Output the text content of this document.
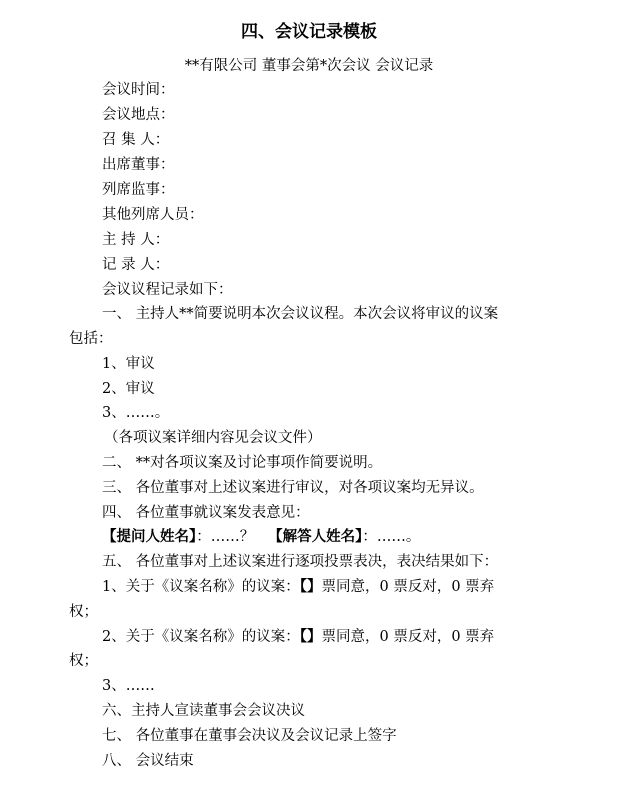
四、会议记录模板
**有限公司 董事会第*次会议 会议记录
会议时间：
会议地点：
召 集 人：
出席董事：
列席监事：
其他列席人员：
主 持 人：
记 录 人：
会议议程记录如下：
一、 主持人**简要说明本次会议议程。本次会议将审议的议案
包括：
1、审议
2、审议
3、……。
（各项议案详细内容见会议文件）
二、 **对各项议案及讨论事项作简要说明。
三、 各位董事对上述议案进行审议，对各项议案均无异议。
四、 各位董事就议案发表意见：
【提问人姓名】：……？ 【解答人姓名】：……。
五、 各位董事对上述议案进行逐项投票表决，表决结果如下：
1、关于《议案名称》的议案：【】票同意，0 票反对，0 票弃
权；
2、关于《议案名称》的议案：【】票同意，0 票反对，0 票弃
权；
3、……
六、主持人宣读董事会会议决议
七、 各位董事在董事会决议及会议记录上签字
八、 会议结束
